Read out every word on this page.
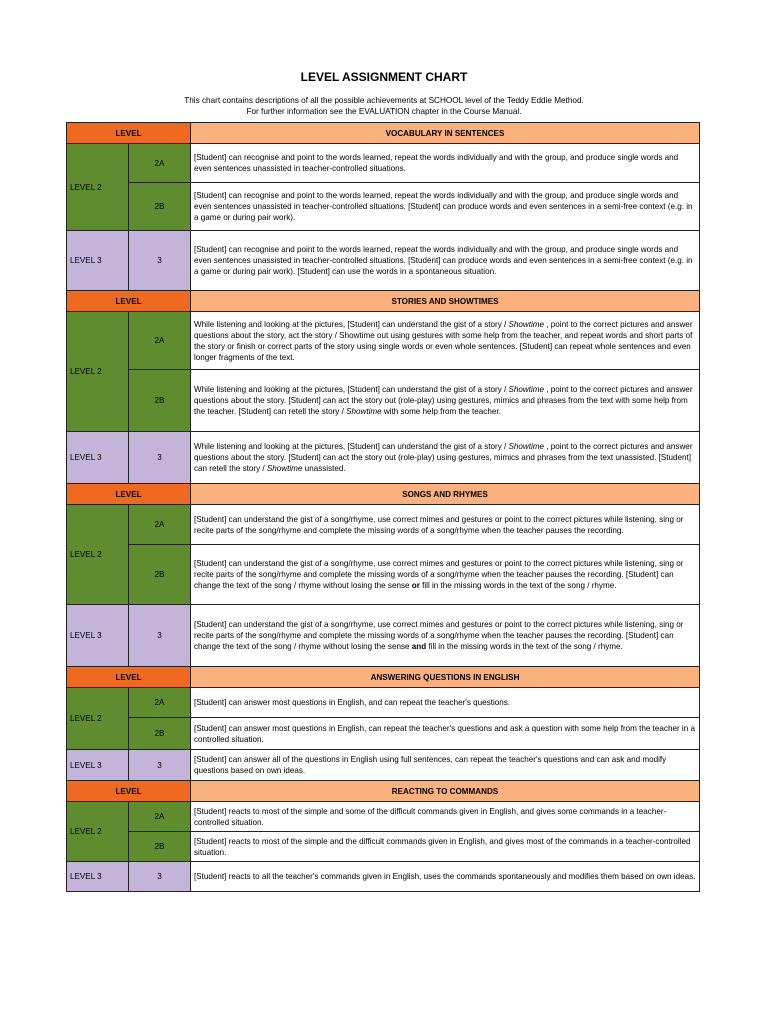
LEVEL ASSIGNMENT CHART
This chart contains descriptions of all the possible achievements at SCHOOL level of the Teddy Eddie Method.
For further information see the EVALUATION chapter in the Course Manual.
LEVEL		VOCABULARY IN SENTENCES
LEVEL 2	2A	[Student] can recognise and point to the words learned, repeat the words individually and with the group, and produce single words and even sentences unassisted in teacher-controlled situations.
	2B	[Student] can recognise and point to the words learned, repeat the words individually and with the group, and produce single words and even sentences unassisted in teacher-controlled situations. [Student] can produce words and even sentences in a semi-free context (e.g. in a game or during pair work).
LEVEL 3	3	[Student] can recognise and point to the words learned, repeat the words individually and with the group, and produce single words and even sentences unassisted in teacher-controlled situations. [Student] can produce words and even sentences in a semi-free context (e.g. in a game or during pair work). [Student] can use the words in a spontaneous situation.
LEVEL		STORIES AND SHOWTIMES
LEVEL 2	2A	While listening and looking at the pictures, [Student] can understand the gist of a story / Showtime , point to the correct pictures and answer questions about the story, act the story / Showtime out using gestures with some help from the teacher, and repeat words and short parts of the story or finish or correct parts of the story using single words or even whole sentences. [Student] can repeat whole sentences and even longer fragments of the text.
	2B	While listening and looking at the pictures, [Student] can understand the gist of a story / Showtime , point to the correct pictures and answer questions about the story. [Student] can act the story out (role-play) using gestures, mimics and phrases from the text with some help from the teacher. [Student] can retell the story / Showtime with some help from the teacher.
LEVEL 3	3	While listening and looking at the pictures, [Student] can understand the gist of a story / Showtime , point to the correct pictures and answer questions about the story. [Student] can act the story out (role-play) using gestures, mimics and phrases from the text unassisted. [Student] can retell the story / Showtime unassisted.
LEVEL		SONGS AND RHYMES
LEVEL 2	2A	[Student] can understand the gist of a song/rhyme, use correct mimes and gestures or point to the correct pictures while listening, sing or recite parts of the song/rhyme and complete the missing words of a song/rhyme when the teacher pauses the recording.
	2B	[Student] can understand the gist of a song/rhyme, use correct mimes and gestures or point to the correct pictures while listening, sing or recite parts of the song/rhyme and complete the missing words of a song/rhyme when the teacher pauses the recording. [Student] can change the text of the song / rhyme without losing the sense or fill in the missing words in the text of the song / rhyme.
LEVEL 3	3	[Student] can understand the gist of a song/rhyme, use correct mimes and gestures or point to the correct pictures while listening, sing or recite parts of the song/rhyme and complete the missing words of a song/rhyme when the teacher pauses the recording. [Student] can change the text of the song / rhyme without losing the sense and fill in the missing words in the text of the song / rhyme.
LEVEL		ANSWERING QUESTIONS IN ENGLISH
LEVEL 2	2A	[Student] can answer most questions in English, and can repeat the teacher's questions.
	2B	[Student] can answer most questions in English, can repeat the teacher's questions and ask a question with some help from the teacher in a controlled situation.
LEVEL 3	3	[Student] can answer all of the questions in English using full sentences, can repeat the teacher's questions and can ask and modify questions based on own ideas.
LEVEL		REACTING TO COMMANDS
LEVEL 2	2A	[Student] reacts to most of the simple and some of the difficult commands given in English, and gives some commands in a teacher-controlled situation.
	2B	[Student] reacts to most of the simple and the difficult commands given in English, and gives most of the commands in a teacher-controlled situation.
LEVEL 3	3	[Student] reacts to all the teacher's commands given in English, uses the commands spontaneously and modifies them based on own ideas.
